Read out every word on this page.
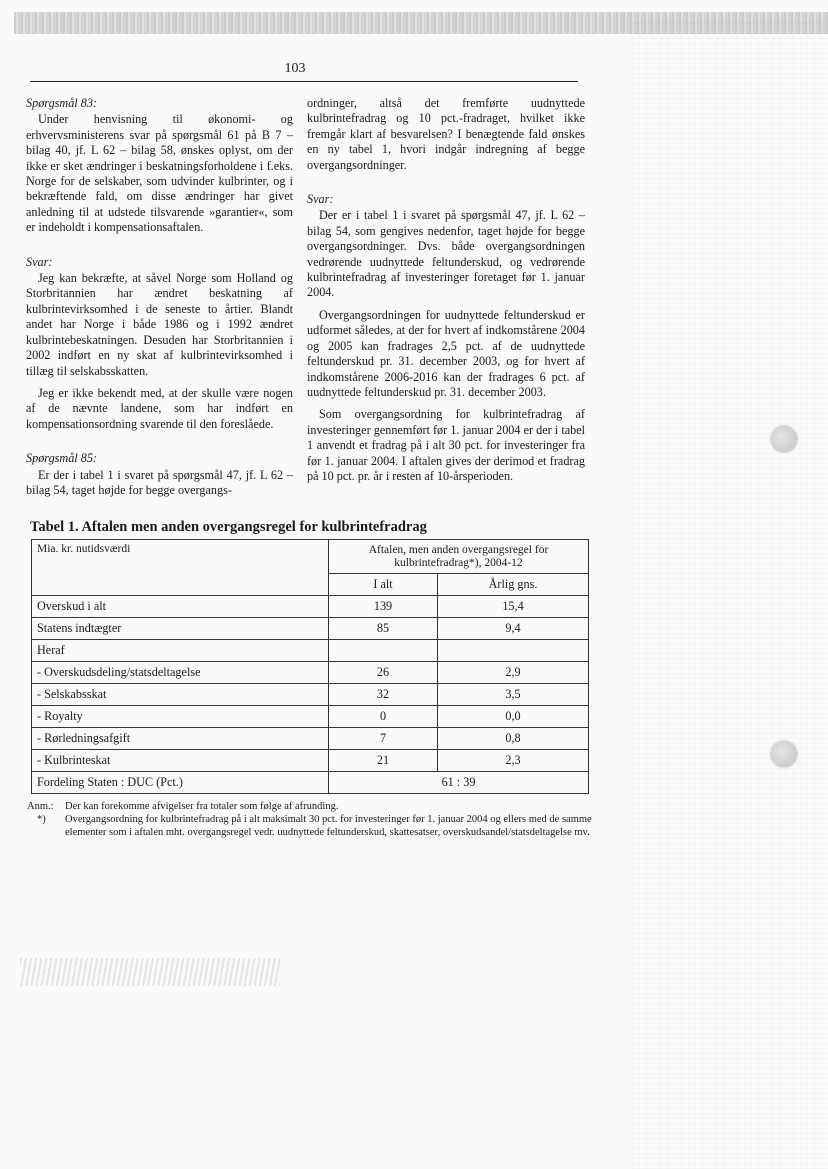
103

Spørgsmål 83:

Under henvisning til økonomi- og erhvervsministerens svar på spørgsmål 61 på B 7 – bilag 40, jf. L 62 – bilag 58, ønskes oplyst, om der ikke er sket ændringer i beskatningsforholdene i f.eks. Norge for de selskaber, som udvinder kulbrinter, og i bekræftende fald, om disse ændringer har givet anledning til at udstede tilsvarende »garantier«, som er indeholdt i kompensationsaftalen.

Svar:

Jeg kan bekræfte, at såvel Norge som Holland og Storbritannien har ændret beskatning af kulbrintevirksomhed i de seneste to årtier. Blandt andet har Norge i både 1986 og i 1992 ændret kulbrintebeskatningen. Desuden har Storbritannien i 2002 indført en ny skat af kulbrintevirksomhed i tillæg til selskabsskatten.

Jeg er ikke bekendt med, at der skulle være nogen af de nævnte landene, som har indført en kompensationsordning svarende til den foreslåede.

Spørgsmål 85:

Er der i tabel 1 i svaret på spørgsmål 47, jf. L 62 – bilag 54, taget højde for begge overgangs-

ordninger, altså det fremførte uudnyttede kulbrintefradrag og 10 pct.-fradraget, hvilket ikke fremgår klart af besvarelsen? I benægtende fald ønskes en ny tabel 1, hvori indgår indregning af begge overgangsordninger.

Svar:

Der er i tabel 1 i svaret på spørgsmål 47, jf. L 62 – bilag 54, som gengives nedenfor, taget højde for begge overgangsordninger. Dvs. både overgangsordningen vedrørende uudnyttede feltunderskud, og vedrørende kulbrintefradrag af investeringer foretaget før 1. januar 2004.

Overgangsordningen for uudnyttede feltunderskud er udformet således, at der for hvert af indkomstårene 2004 og 2005 kan fradrages 2,5 pct. af de uudnyttede feltunderskud pr. 31. december 2003, og for hvert af indkomstårene 2006-2016 kan der fradrages 6 pct. af uudnyttede feltunderskud pr. 31. december 2003.

Som overgangsordning for kulbrintefradrag af investeringer gennemført før 1. januar 2004 er der i tabel 1 anvendt et fradrag på i alt 30 pct. for investeringer fra før 1. januar 2004. I aftalen gives der derimod et fradrag på 10 pct. pr. år i resten af 10-årsperioden.

Tabel 1. Aftalen men anden overgangsregel for kulbrintefradrag
Mia. kr. nutidsværdi	Aftalen, men anden overgangsregel for kulbrintefradrag*), 2004-12	
	I alt	Årlig gns.
Overskud i alt	139	15,4
Statens indtægter	85	9,4
Heraf		
- Overskudsdeling/statsdeltagelse	26	2,9
- Selskabsskat	32	3,5
- Royalty	0	0,0
- Rørledningsafgift	7	0,8
- Kulbrinteskat	21	2,3
Fordeling Staten : DUC (Pct.)	61 : 39	
Anm.:	Der kan forekomme afvigelser fra totaler som følge af afrunding.
*)	Overgangsordning for kulbrintefradrag på i alt maksimalt 30 pct. for investeringer før 1. januar 2004 og ellers med de samme elementer som i aftalen mht. overgangsregel vedr. uudnyttede feltunderskud, skattesatser, overskudsandel/statsdeltagelse mv.
